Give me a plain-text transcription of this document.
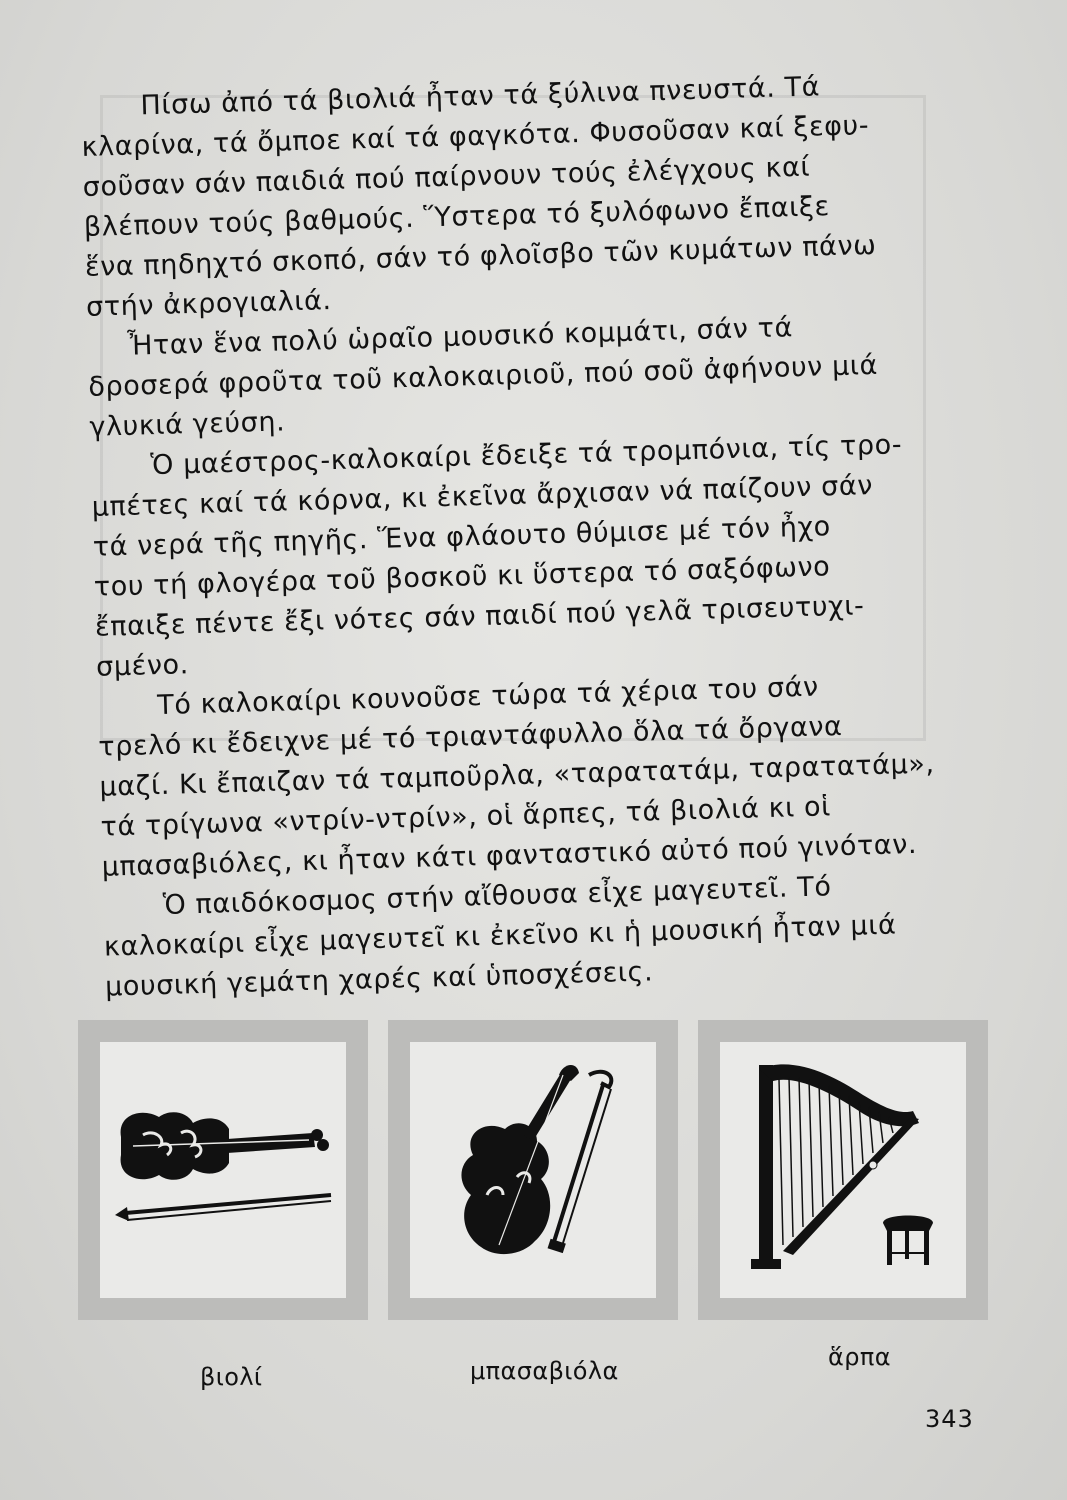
Πίσω ἀπό τά βιολιά ἦταν τά ξύλινα πνευστά. Τά
κλαρίνα, τά ὄμποε καί τά φαγκότα. Φυσοῦσαν καί ξεφυ-
σοῦσαν σάν παιδιά πού παίρνουν τούς ἐλέγχους καί
βλέπουν τούς βαθμούς. Ὕστερα τό ξυλόφωνο ἔπαιξε
ἕνα πηδηχτό σκοπό, σάν τό φλοῖσβο τῶν κυμάτων πάνω
στήν ἀκρογιαλιά.

Ἦταν ἕνα πολύ ὡραῖο μουσικό κομμάτι, σάν τά
δροσερά φροῦτα τοῦ καλοκαιριοῦ, πού σοῦ ἀφήνουν μιά
γλυκιά γεύση.

Ὁ μαέστρος-καλοκαίρι ἔδειξε τά τρομπόνια, τίς τρο-
μπέτες καί τά κόρνα, κι ἐκεῖνα ἄρχισαν νά παίζουν σάν
τά νερά τῆς πηγῆς. Ἕνα φλάουτο θύμισε μέ τόν ἦχο
του τή φλογέρα τοῦ βοσκοῦ κι ὕστερα τό σαξόφωνο
ἔπαιξε πέντε ἔξι νότες σάν παιδί πού γελᾶ τρισευτυχι-
σμένο.

Τό καλοκαίρι κουνοῦσε τώρα τά χέρια του σάν
τρελό κι ἔδειχνε μέ τό τριαντάφυλλο ὅλα τά ὄργανα
μαζί. Κι ἔπαιζαν τά ταμποῦρλα, «ταρατατάμ, ταρατατάμ»,
τά τρίγωνα «ντρίν-ντρίν», οἱ ἅρπες, τά βιολιά κι οἱ
μπασαβιόλες, κι ἦταν κάτι φανταστικό αὐτό πού γινόταν.

Ὁ παιδόκοσμος στήν αἴθουσα εἶχε μαγευτεῖ. Τό
καλοκαίρι εἶχε μαγευτεῖ κι ἐκεῖνο κι ἡ μουσική ἦταν μιά
μουσική γεμάτη χαρές καί ὑποσχέσεις.

βιολί	μπασαβιόλα	ἅρπα
343
